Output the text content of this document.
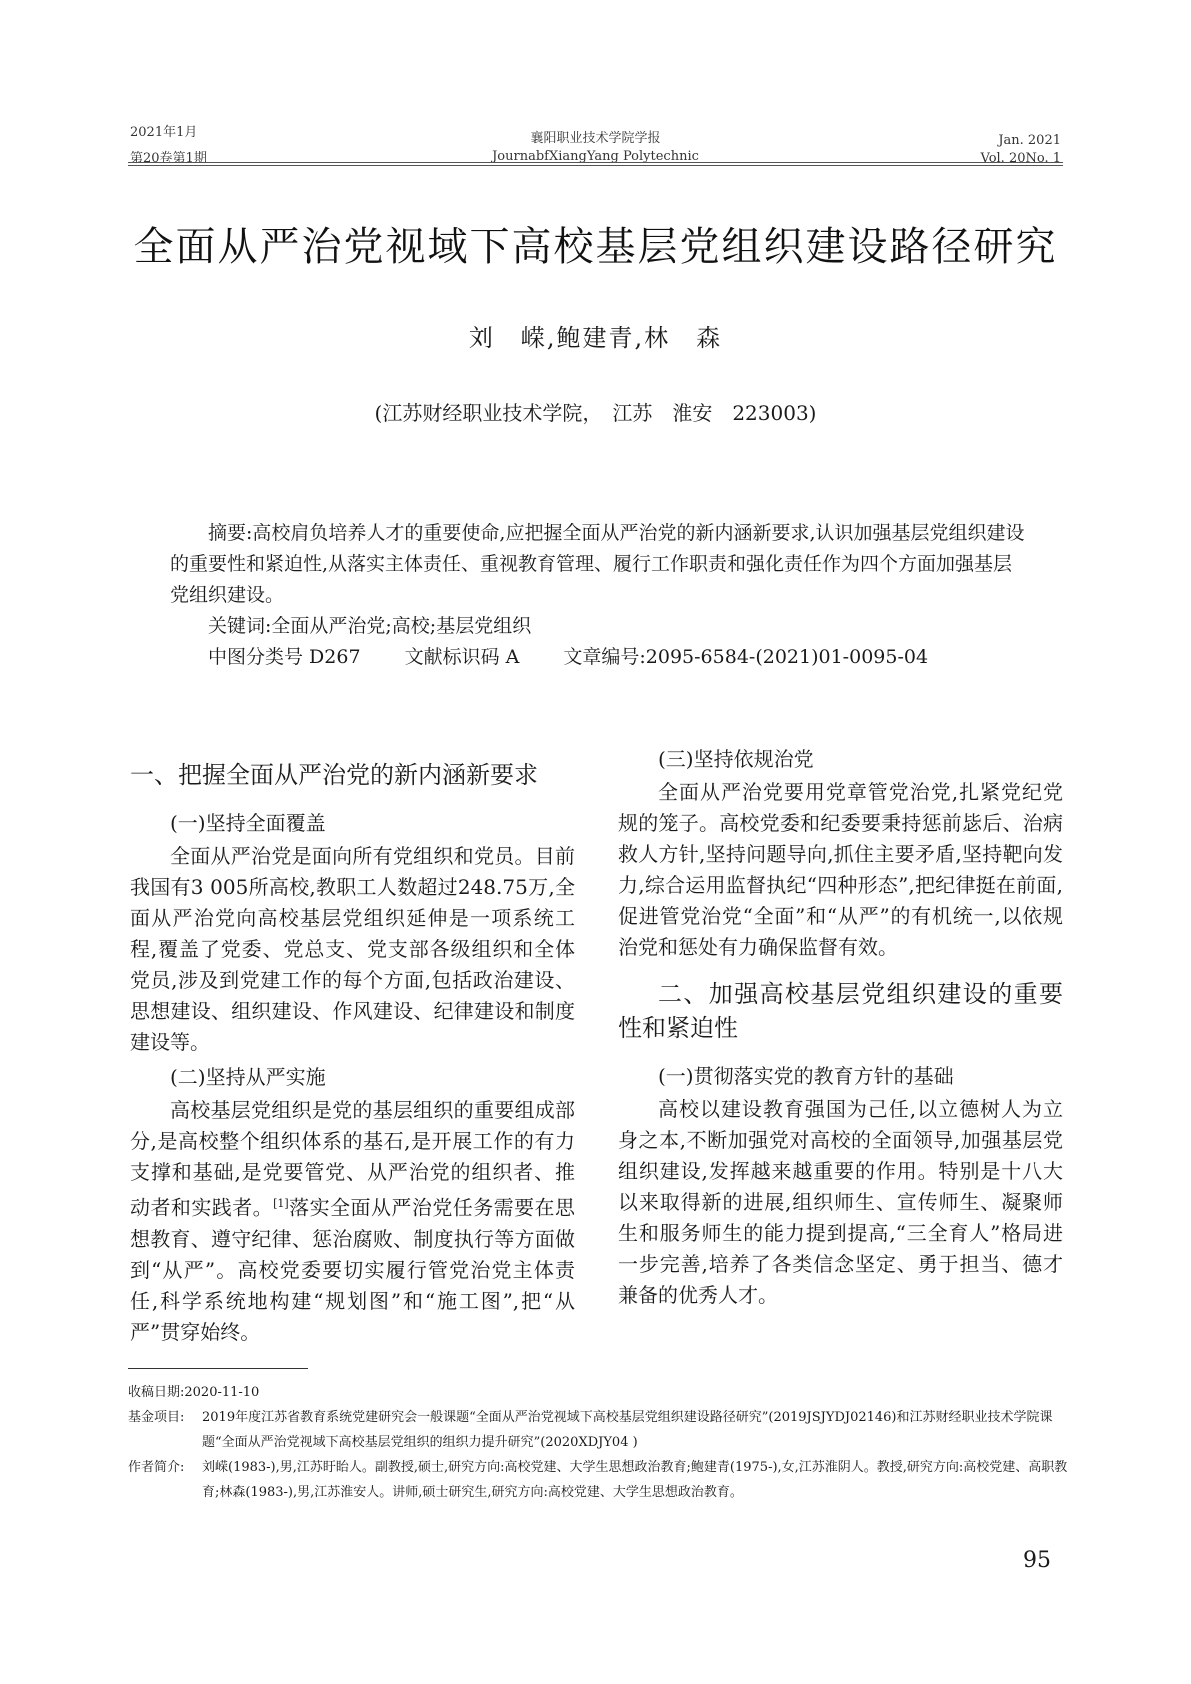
2021年1月
第20卷第1期
襄阳职业技术学院学报
JournabfXiangYang Polytechnic
Jan. 2021
Vol. 20No. 1
全面从严治党视域下高校基层党组织建设路径研究
刘　嵘,鲍建青,林　森
(江苏财经职业技术学院，　江苏　淮安　223003)

摘要:高校肩负培养人才的重要使命,应把握全面从严治党的新内涵新要求,认识加强基层党组织建设的重要性和紧迫性,从落实主体责任、重视教育管理、履行工作职责和强化责任作为四个方面加强基层党组织建设。

关键词:全面从严治党;高校;基层党组织

中图分类号 D267　　 文献标识码 A　　 文章编号:2095-6584-(2021)01-0095-04

一、把握全面从严治党的新内涵新要求

(一)坚持全面覆盖

全面从严治党是面向所有党组织和党员。目前我国有3 005所高校,教职工人数超过248.75万,全面从严治党向高校基层党组织延伸是一项系统工程,覆盖了党委、党总支、党支部各级组织和全体党员,涉及到党建工作的每个方面,包括政治建设、思想建设、组织建设、作风建设、纪律建设和制度建设等。

(二)坚持从严实施

高校基层党组织是党的基层组织的重要组成部分,是高校整个组织体系的基石,是开展工作的有力支撑和基础,是党要管党、从严治党的组织者、推动者和实践者。[1]落实全面从严治党任务需要在思想教育、遵守纪律、惩治腐败、制度执行等方面做到“从严”。高校党委要切实履行管党治党主体责任,科学系统地构建“规划图”和“施工图”,把“从严”贯穿始终。

(三)坚持依规治党

全面从严治党要用党章管党治党,扎紧党纪党规的笼子。高校党委和纪委要秉持惩前毖后、治病救人方针,坚持问题导向,抓住主要矛盾,坚持靶向发力,综合运用监督执纪“四种形态”,把纪律挺在前面,促进管党治党“全面”和“从严”的有机统一,以依规治党和惩处有力确保监督有效。

二、加强高校基层党组织建设的重要性和紧迫性

(一)贯彻落实党的教育方针的基础

高校以建设教育强国为己任,以立德树人为立身之本,不断加强党对高校的全面领导,加强基层党组织建设,发挥越来越重要的作用。特别是十八大以来取得新的进展,组织师生、宣传师生、凝聚师生和服务师生的能力提到提高,“三全育人”格局进一步完善,培养了各类信念坚定、勇于担当、德才兼备的优秀人才。

收稿日期:2020-11-10
基金项目: 2019年度江苏省教育系统党建研究会一般课题“全面从严治党视域下高校基层党组织建设路径研究”(2019JSJYDJ02146)和江苏财经职业技术学院课题“全面从严治党视域下高校基层党组织的组织力提升研究”(2020XDJY04 )
作者简介: 刘嵘(1983-),男,江苏盱眙人。副教授,硕士,研究方向:高校党建、大学生思想政治教育;鲍建青(1975-),女,江苏淮阴人。教授,研究方向:高校党建、高职教育;林森(1983-),男,江苏淮安人。讲师,硕士研究生,研究方向:高校党建、大学生思想政治教育。
95
